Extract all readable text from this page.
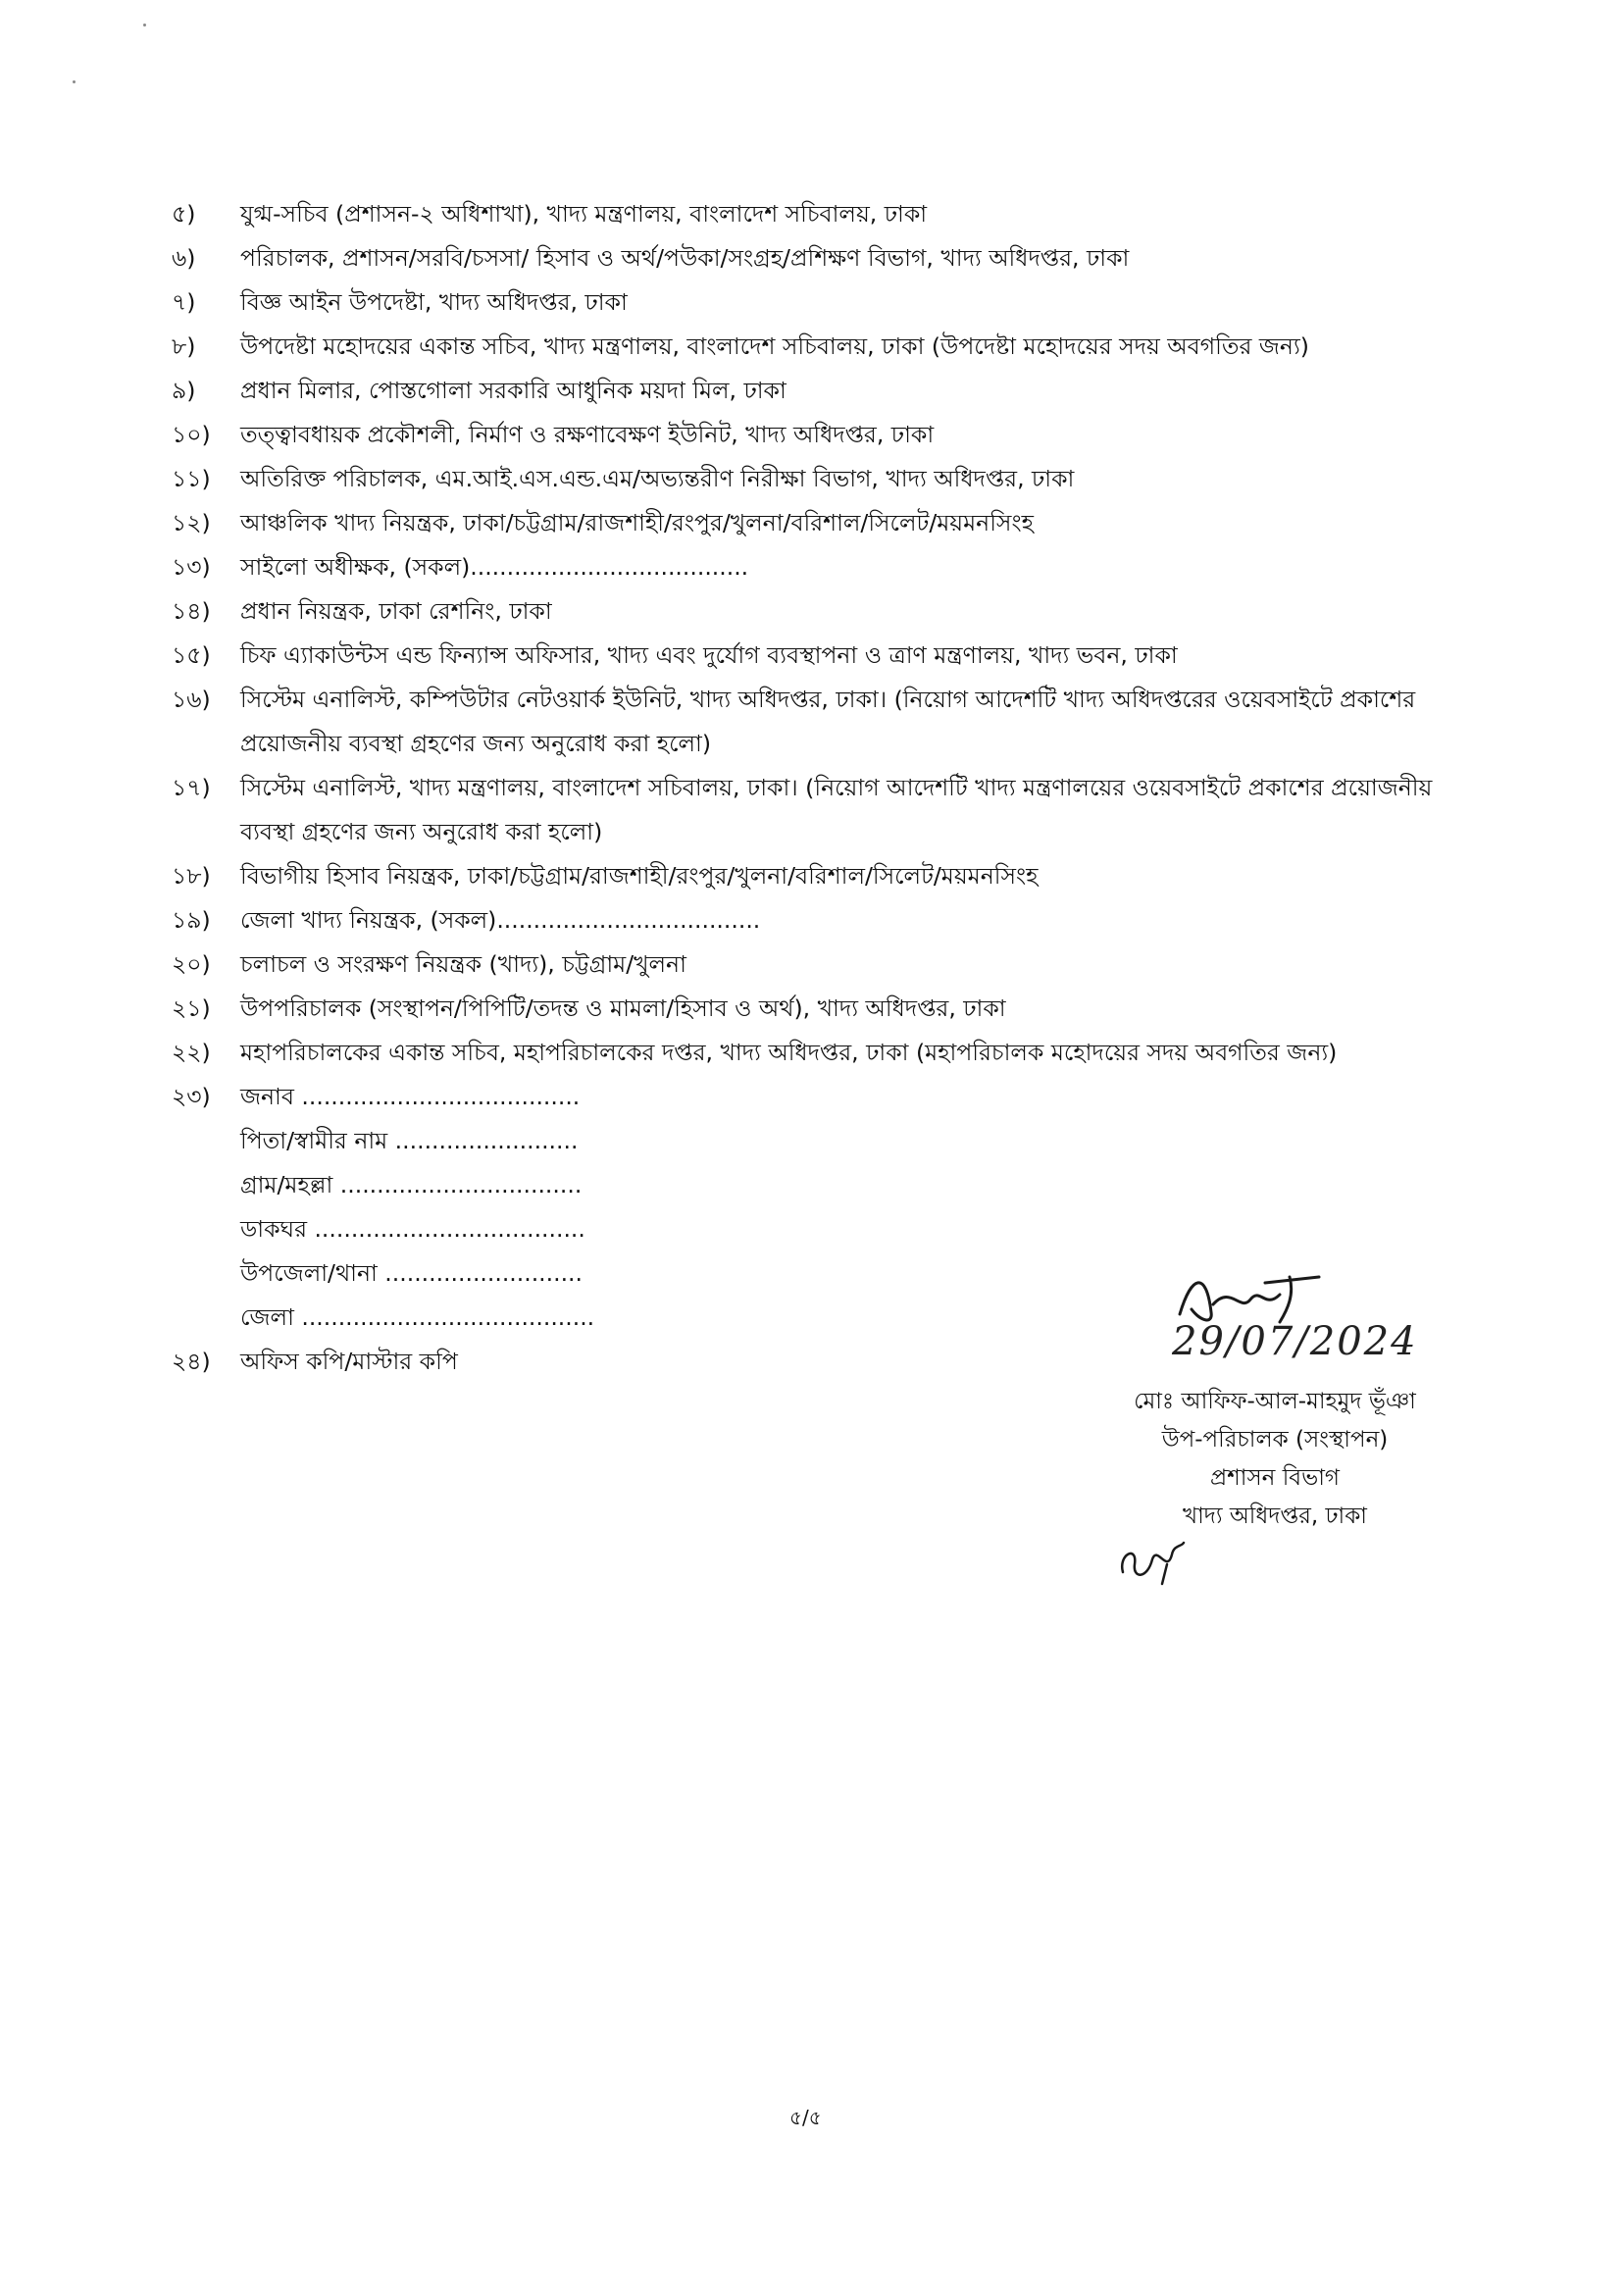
৫)	যুগ্ম-সচিব (প্রশাসন-২ অধিশাখা), খাদ্য মন্ত্রণালয়, বাংলাদেশ সচিবালয়, ঢাকা
৬)	পরিচালক, প্রশাসন/সরবি/চসসা/ হিসাব ও অর্থ/পউকা/সংগ্রহ/প্রশিক্ষণ বিভাগ, খাদ্য অধিদপ্তর, ঢাকা
৭)	বিজ্ঞ আইন উপদেষ্টা, খাদ্য অধিদপ্তর, ঢাকা
৮)	উপদেষ্টা মহোদয়ের একান্ত সচিব, খাদ্য মন্ত্রণালয়, বাংলাদেশ সচিবালয়, ঢাকা (উপদেষ্টা মহোদয়ের সদয় অবগতির জন্য)
৯)	প্রধান মিলার, পোস্তগোলা সরকারি আধুনিক ময়দা মিল, ঢাকা
১০)	তত্ত্বাবধায়ক প্রকৌশলী, নির্মাণ ও রক্ষণাবেক্ষণ ইউনিট, খাদ্য অধিদপ্তর, ঢাকা
১১)	অতিরিক্ত পরিচালক, এম.আই.এস.এন্ড.এম/অভ্যন্তরীণ নিরীক্ষা বিভাগ, খাদ্য অধিদপ্তর, ঢাকা
১২)	আঞ্চলিক খাদ্য নিয়ন্ত্রক, ঢাকা/চট্টগ্রাম/রাজশাহী/রংপুর/খুলনা/বরিশাল/সিলেট/ময়মনসিংহ
১৩)	সাইলো অধীক্ষক, (সকল)......................................
১৪)	প্রধান নিয়ন্ত্রক, ঢাকা রেশনিং, ঢাকা
১৫)	চিফ এ্যাকাউন্টস এন্ড ফিন্যান্স অফিসার, খাদ্য এবং দুর্যোগ ব্যবস্থাপনা ও ত্রাণ মন্ত্রণালয়, খাদ্য ভবন, ঢাকা
১৬)	সিস্টেম এনালিস্ট, কম্পিউটার নেটওয়ার্ক ইউনিট, খাদ্য অধিদপ্তর, ঢাকা। (নিয়োগ আদেশটি খাদ্য অধিদপ্তরের ওয়েবসাইটে প্রকাশের প্রয়োজনীয় ব্যবস্থা গ্রহণের জন্য অনুরোধ করা হলো)
১৭)	সিস্টেম এনালিস্ট, খাদ্য মন্ত্রণালয়, বাংলাদেশ সচিবালয়, ঢাকা। (নিয়োগ আদেশটি খাদ্য মন্ত্রণালয়ের ওয়েবসাইটে প্রকাশের প্রয়োজনীয় ব্যবস্থা গ্রহণের জন্য অনুরোধ করা হলো)
১৮)	বিভাগীয় হিসাব নিয়ন্ত্রক, ঢাকা/চট্টগ্রাম/রাজশাহী/রংপুর/খুলনা/বরিশাল/সিলেট/ময়মনসিংহ
১৯)	জেলা খাদ্য নিয়ন্ত্রক, (সকল)....................................
২০)	চলাচল ও সংরক্ষণ নিয়ন্ত্রক (খাদ্য), চট্টগ্রাম/খুলনা
২১)	উপপরিচালক (সংস্থাপন/পিপিটি/তদন্ত ও মামলা/হিসাব ও অর্থ), খাদ্য অধিদপ্তর, ঢাকা
২২)	মহাপরিচালকের একান্ত সচিব, মহাপরিচালকের দপ্তর, খাদ্য অধিদপ্তর, ঢাকা (মহাপরিচালক মহোদয়ের সদয় অবগতির জন্য)
২৩)	জনাব ......................................
পিতা/স্বামীর নাম .........................
গ্রাম/মহল্লা .................................
ডাকঘর .....................................
উপজেলা/থানা ...........................
জেলা ........................................
২৪)	অফিস কপি/মাস্টার কপি	29/07/2024
মোঃ আফিফ-আল-মাহমুদ ভূঁঞা
উপ-পরিচালক (সংস্থাপন)
প্রশাসন বিভাগ
খাদ্য অধিদপ্তর, ঢাকা
৫/৫
